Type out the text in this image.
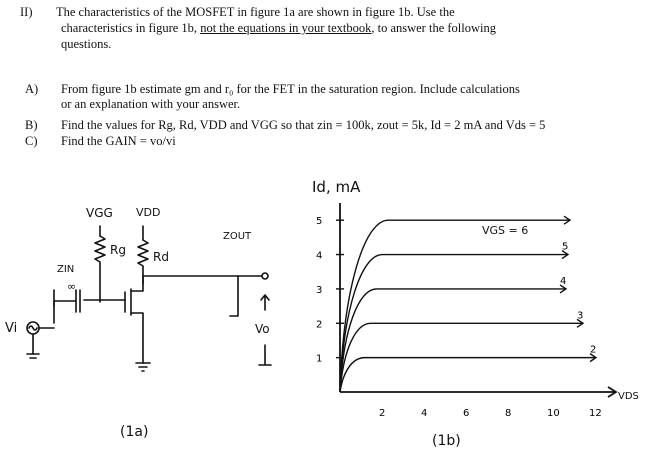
II) The characteristics of the MOSFET in figure 1a are shown in figure 1b. Use the
characteristics in figure 1b, not the equations in your textbook, to answer the following
questions.
A) From figure 1b estimate gm and r₀ for the FET in the saturation region. Include calculations
or an explanation with your answer.
B) Find the values for Rg, Rd, VDD and VGG so that zin = 100k, zout = 5k, Id = 2 mA and Vds = 5
C) Find the GAIN = vo/vi
5
4
3
2
1
2
3
4
5
2	4	6	8	10	12
VGG VDD
Rg Rd
ZIN
∞
ZOUT
Vo
Vi
(1a)
Id, mA
VDS
VGS = 6
(1b)
